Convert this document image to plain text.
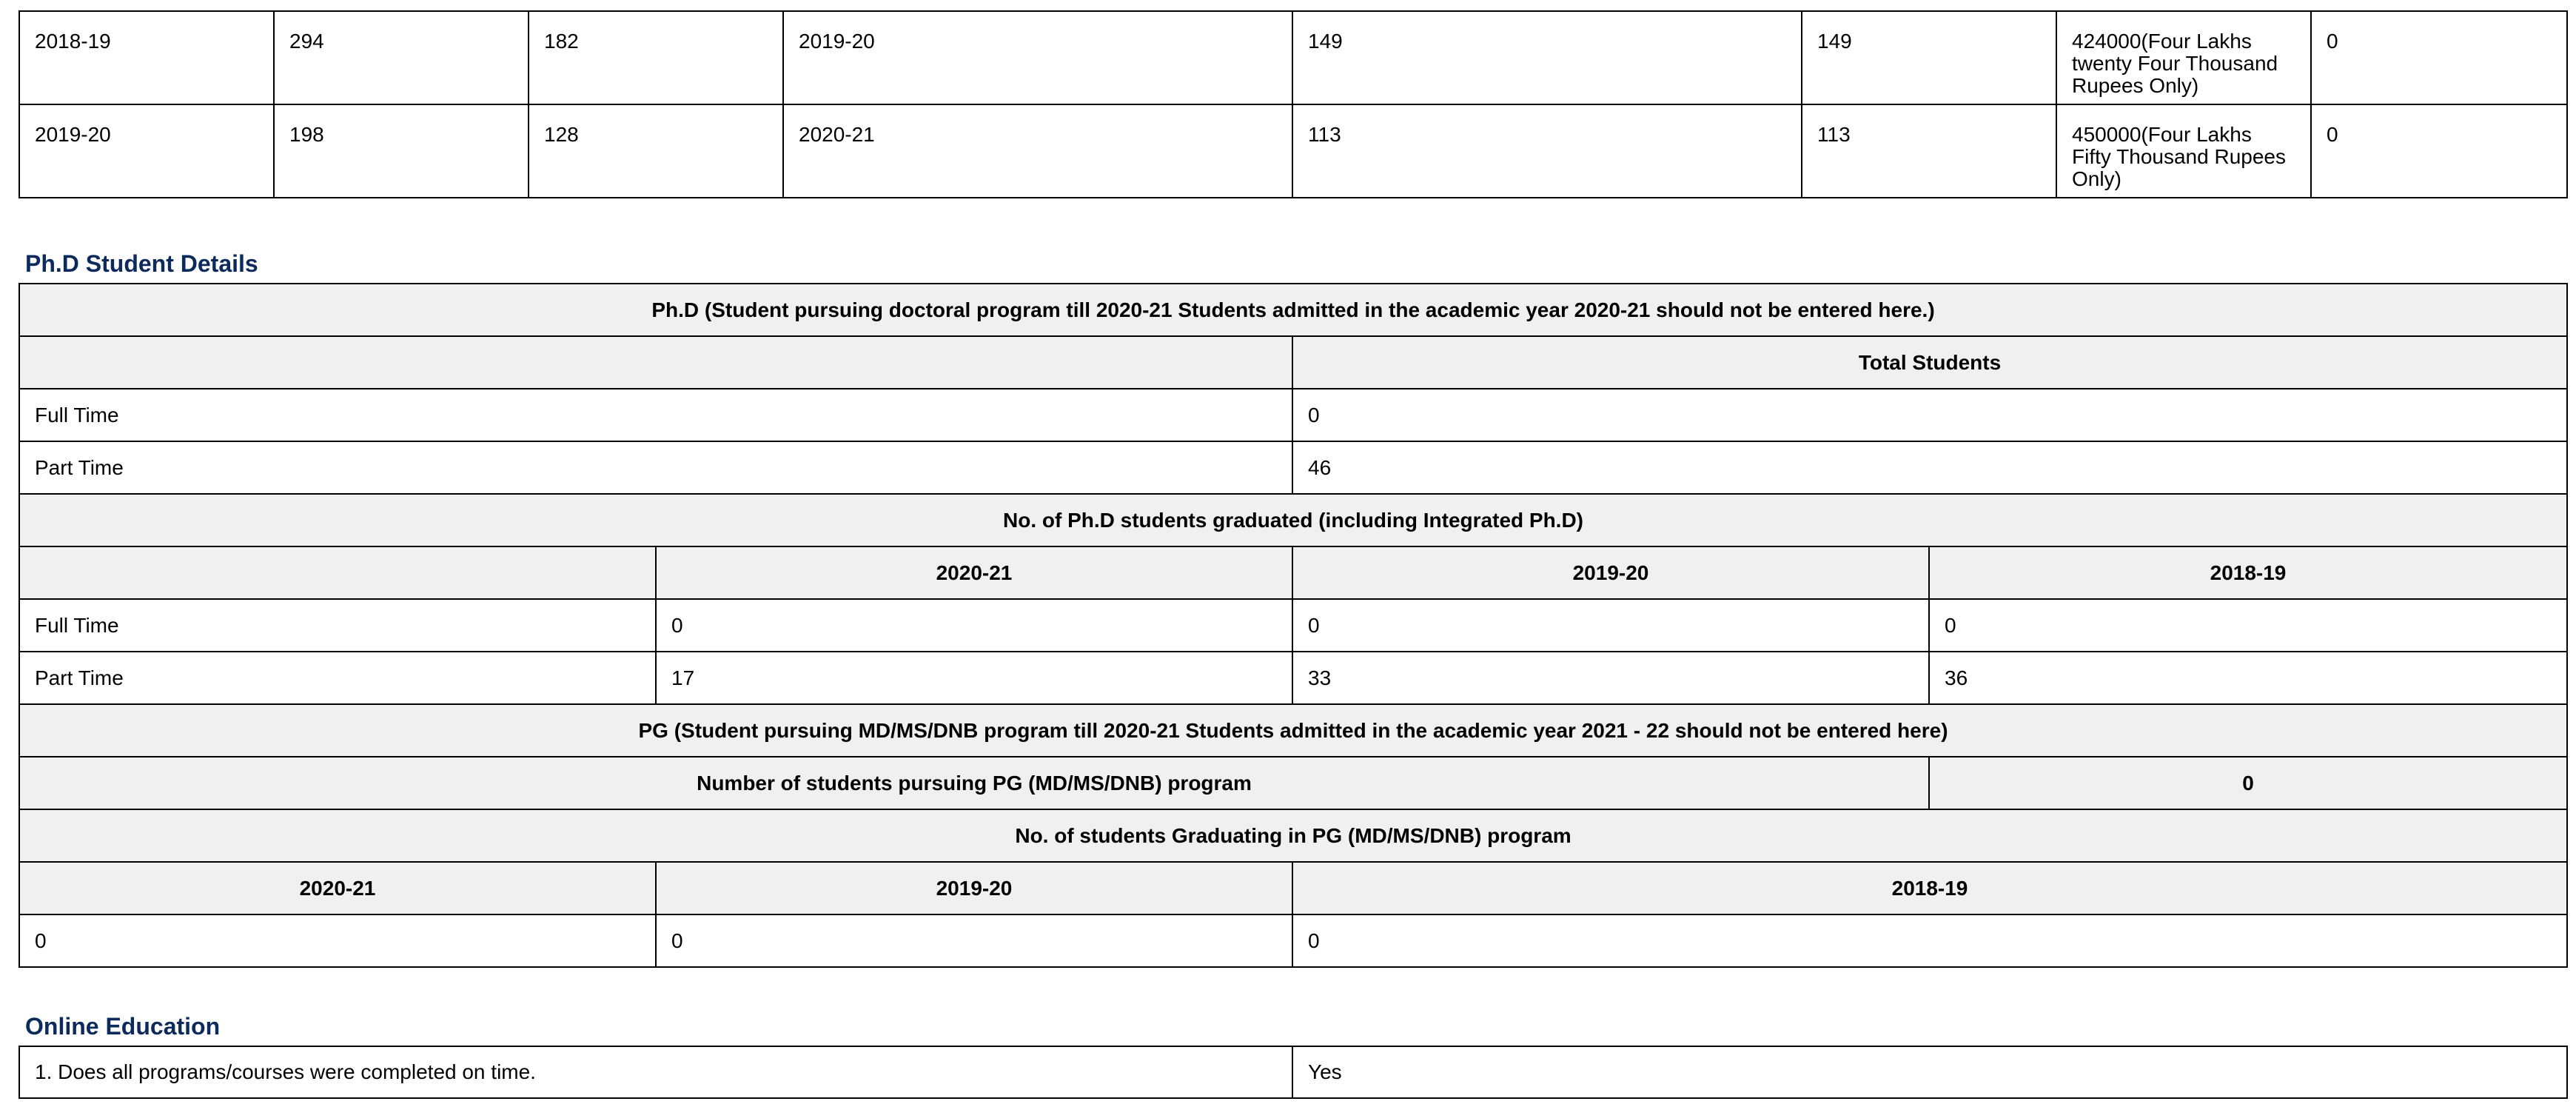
2018-19	294	182	2019-20	149	149	424000(Four Lakhs twenty Four Thousand Rupees Only)	0
2019-20	198	128	2020-21	113	113	450000(Four Lakhs Fifty Thousand Rupees Only)	0
Ph.D Student Details
Ph.D (Student pursuing doctoral program till 2020-21 Students admitted in the academic year 2020-21 should not be entered here.)			
		Total Students	
Full Time		0	
Part Time		46	
No. of Ph.D students graduated (including Integrated Ph.D)			
	2020-21	2019-20	2018-19
Full Time	0	0	0
Part Time	17	33	36
PG (Student pursuing MD/MS/DNB program till 2020-21 Students admitted in the academic year 2021 - 22 should not be entered here)			
Number of students pursuing PG (MD/MS/DNB) program			0
No. of students Graduating in PG (MD/MS/DNB) program			
2020-21	2019-20	2018-19	
0	0	0	
Online Education
1. Does all programs/courses were completed on time.	Yes
